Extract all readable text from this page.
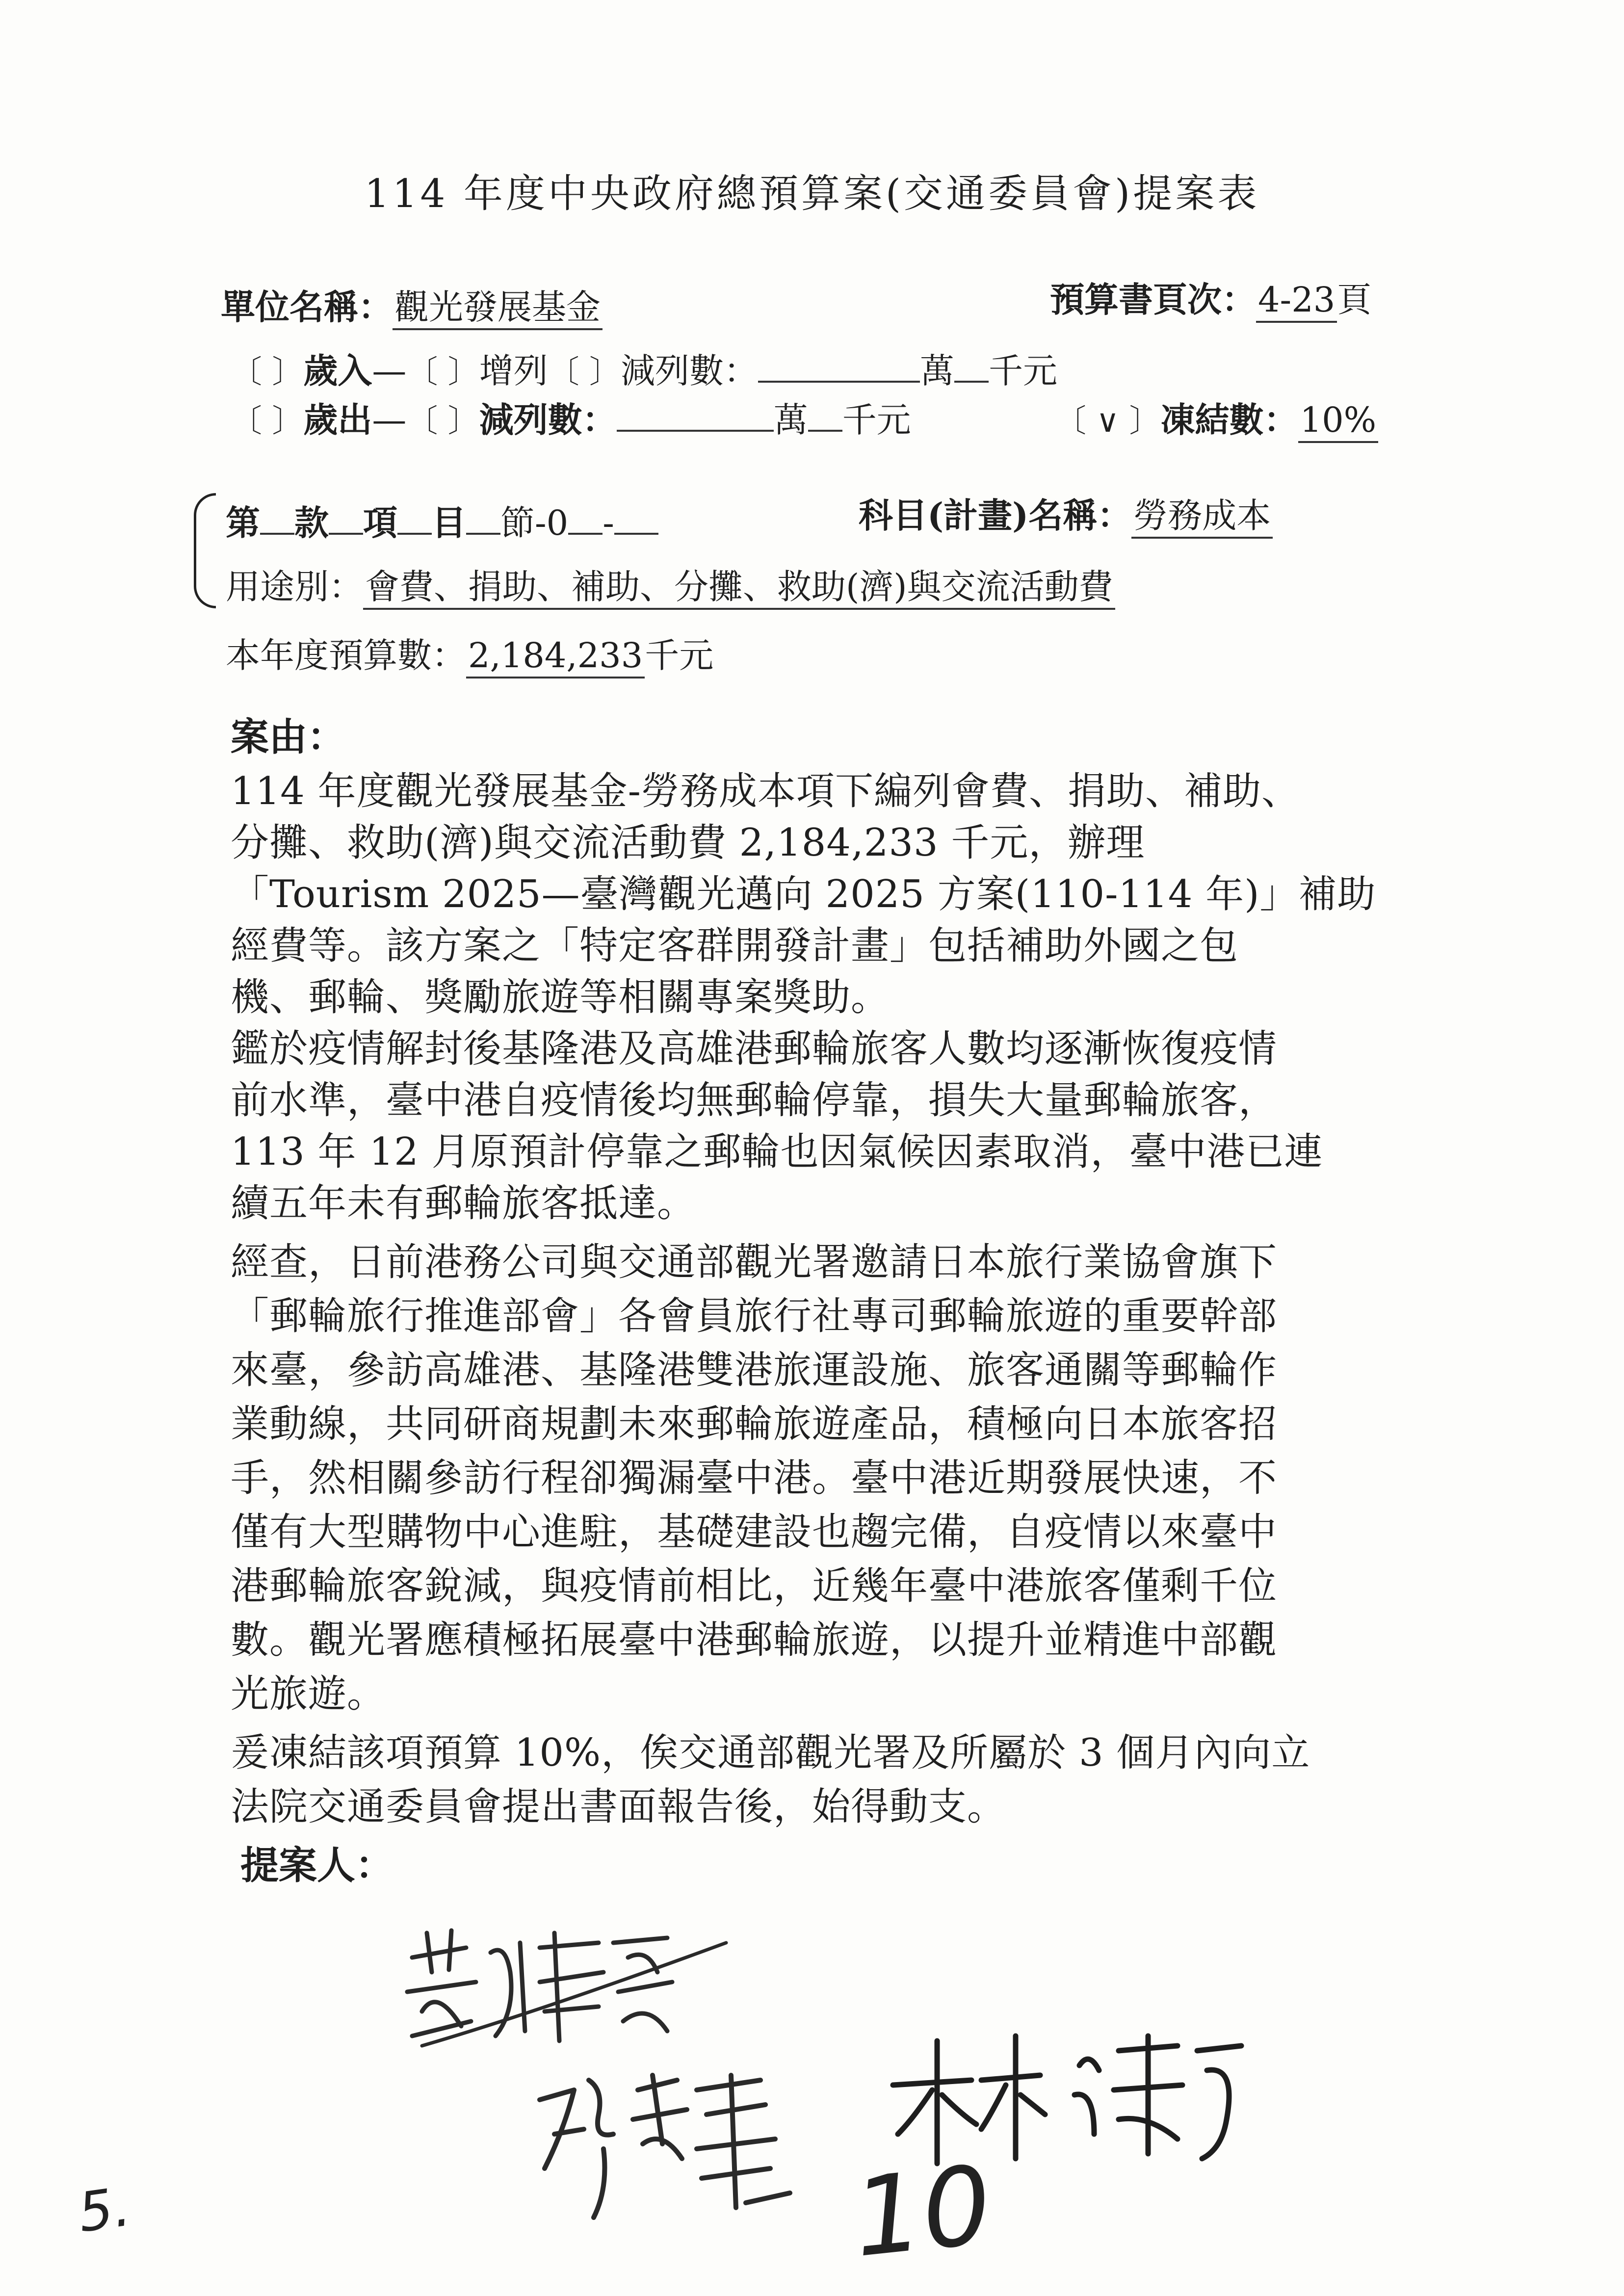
114 年度中央政府總預算案(交通委員會)提案表
單位名稱：觀光發展基金	預算書頁次：4-23頁
〔 〕歲入—〔 〕增列〔 〕減列數：	萬 千元
〔 〕歲出—〔 〕減列數：	萬 千元	〔 ∨ 〕凍結數：10%
第 款 項 目 節-0 -	科目(計畫)名稱：勞務成本
用途別：會費、捐助、補助、分攤、救助(濟)與交流活動費
本年度預算數：2,184,233千元
案由：
114 年度觀光發展基金-勞務成本項下編列會費、捐助、補助、
分攤、救助(濟)與交流活動費 2,184,233 千元，辦理
「Tourism 2025—臺灣觀光邁向 2025 方案(110-114 年)」補助
經費等。該方案之「特定客群開發計畫」包括補助外國之包
機、郵輪、獎勵旅遊等相關專案獎助。
鑑於疫情解封後基隆港及高雄港郵輪旅客人數均逐漸恢復疫情
前水準，臺中港自疫情後均無郵輪停靠，損失大量郵輪旅客，
113 年 12 月原預計停靠之郵輪也因氣候因素取消，臺中港已連
續五年未有郵輪旅客抵達。
經查，日前港務公司與交通部觀光署邀請日本旅行業協會旗下
「郵輪旅行推進部會」各會員旅行社專司郵輪旅遊的重要幹部
來臺，參訪高雄港、基隆港雙港旅運設施、旅客通關等郵輪作
業動線，共同研商規劃未來郵輪旅遊產品，積極向日本旅客招
手，然相關參訪行程卻獨漏臺中港。臺中港近期發展快速，不
僅有大型購物中心進駐，基礎建設也趨完備，自疫情以來臺中
港郵輪旅客銳減，與疫情前相比，近幾年臺中港旅客僅剩千位
數。觀光署應積極拓展臺中港郵輪旅遊，以提升並精進中部觀
光旅遊。
爰凍結該項預算 10%，俟交通部觀光署及所屬於 3 個月內向立
法院交通委員會提出書面報告後，始得動支。
提案人：
5.	10
